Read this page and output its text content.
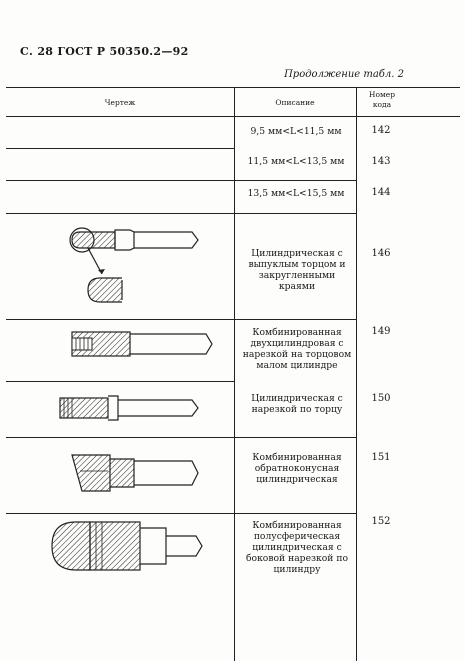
С. 28 ГОСТ Р 50350.2—92
Продолжение табл. 2
Чертеж	Описание
Номер кода
9,5 мм<L<11,5 мм
11,5 мм<L<13,5 мм
13,5 мм<L<15,5 мм
Цилиндрическая с выпуклым торцом и закругленными краями
Комбинированная двухцилиндровая с нарезкой на торцовом малом цилиндре
Цилиндрическая с нарезкой по торцу
Комбинированная обратноконусная цилиндрическая
Комбинированная полусферическая цилиндрическая с боковой нарезкой по цилиндру
142
143
144
146
149
150
151
152
